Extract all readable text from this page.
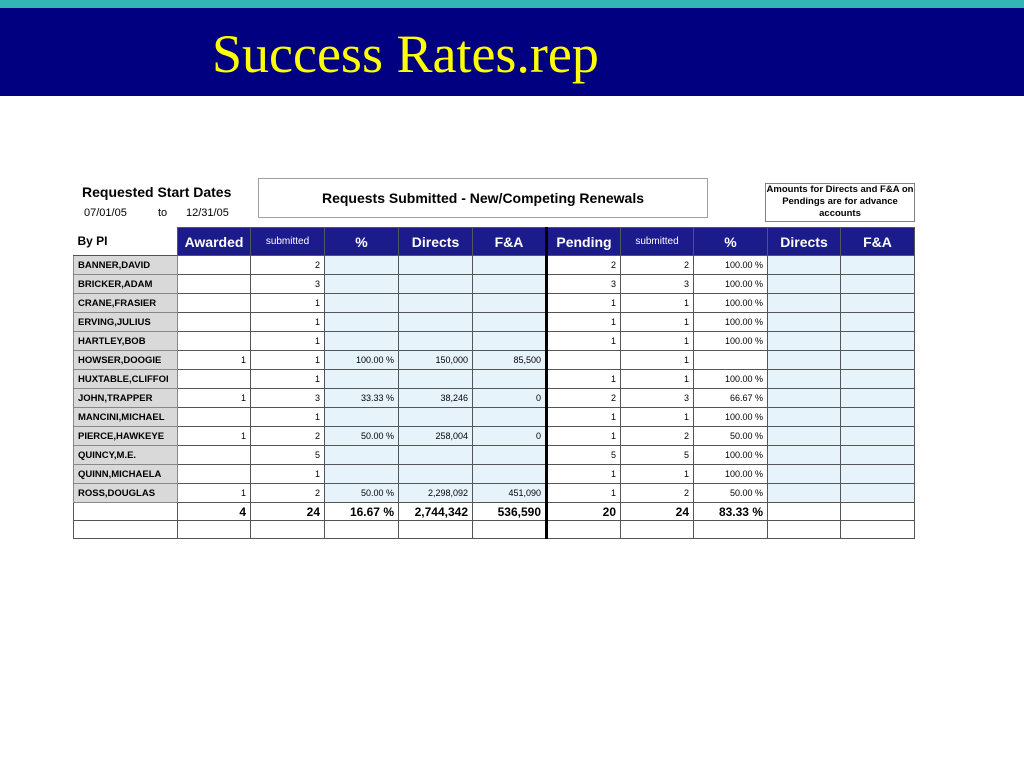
Success Rates.rep
Requested Start Dates
07/01/05	to 12/31/05
Requests Submitted - New/Competing Renewals
Amounts for Directs and F&A on Pendings are for advance accounts
By PI	Awarded	submitted	%	Directs	F&A	Pending	submitted	%	Directs	F&A
BANNER,DAVID		2				2	2	100.00 %		
BRICKER,ADAM		3				3	3	100.00 %		
CRANE,FRASIER		1				1	1	100.00 %		
ERVING,JULIUS		1				1	1	100.00 %		
HARTLEY,BOB		1				1	1	100.00 %		
HOWSER,DOOGIE	1	1	100.00 %	150,000	85,500		1			
HUXTABLE,CLIFFOI		1				1	1	100.00 %		
JOHN,TRAPPER	1	3	33.33 %	38,246	0	2	3	66.67 %		
MANCINI,MICHAEL		1				1	1	100.00 %		
PIERCE,HAWKEYE	1	2	50.00 %	258,004	0	1	2	50.00 %		
QUINCY,M.E.		5				5	5	100.00 %		
QUINN,MICHAELA		1				1	1	100.00 %		
ROSS,DOUGLAS	1	2	50.00 %	2,298,092	451,090	1	2	50.00 %		
	4	24	16.67 %	2,744,342	536,590	20	24	83.33 %		
